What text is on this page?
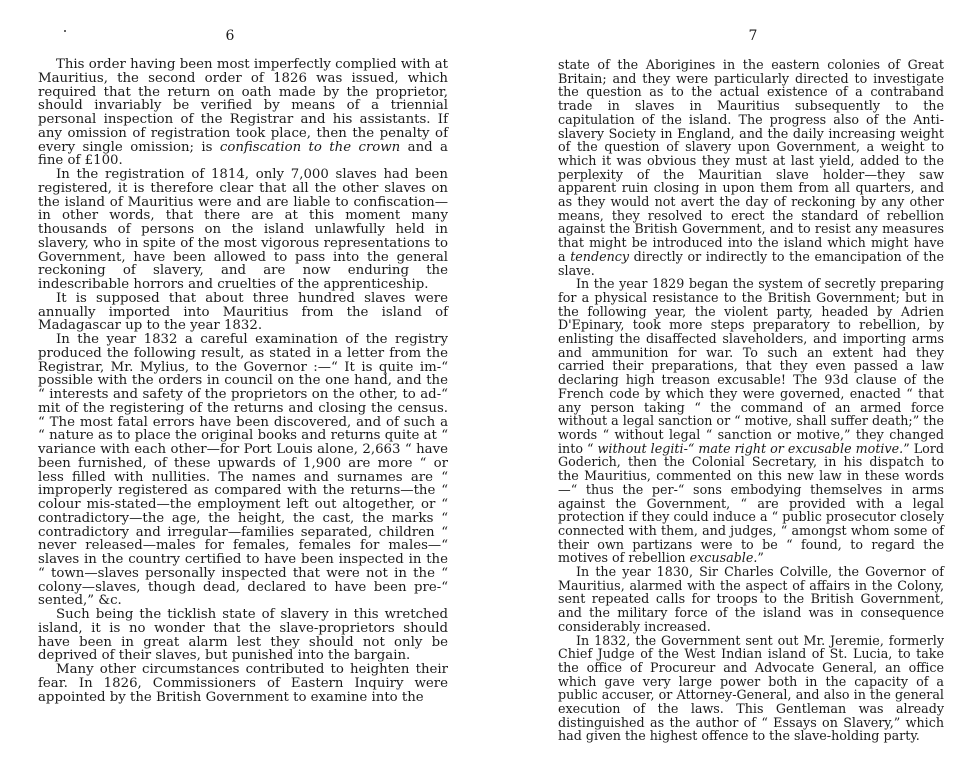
6

This order having been most imperfectly complied with at Mauritius, the second order of 1826 was issued, which required that the return on oath made by the proprietor, should invariably be verified by means of a triennial personal inspection of the Registrar and his assistants. If any omission of registration took place, then the penalty of every single omission; is confiscation to the crown and a fine of £100.

In the registration of 1814, only 7,000 slaves had been registered, it is therefore clear that all the other slaves on the island of Mauritius were and are liable to confiscation—in other words, that there are at this moment many thousands of persons on the island unlawfully held in slavery, who in spite of the most vigorous representations to Government, have been allowed to pass into the general reckoning of slavery, and are now enduring the indescribable horrors and cruelties of the apprenticeship.

It is supposed that about three hundred slaves were annually imported into Mauritius from the island of Madagascar up to the year 1832.

In the year 1832 a careful examination of the registry produced the following result, as stated in a letter from the Registrar, Mr. Mylius, to the Governor :—“ It is quite im-“ possible with the orders in council on the one hand, and the “ interests and safety of the proprietors on the other, to ad-“ mit of the registering of the returns and closing the census. “ The most fatal errors have been discovered, and of such a “ nature as to place the original books and returns quite at “ variance with each other—for Port Louis alone, 2,663 “ have been furnished, of these upwards of 1,900 are more “ or less filled with nullities. The names and surnames are “ improperly registered as compared with the returns—the “ colour mis-stated—the employment left out altogether, or “ contradictory—the age, the height, the cast, the marks “ contradictory and irregular—families separated, children “ never released—males for females, females for males—“ slaves in the country certified to have been inspected in the “ town—slaves personally inspected that were not in the “ colony—slaves, though dead, declared to have been pre-“ sented,” &c.

Such being the ticklish state of slavery in this wretched island, it is no wonder that the slave-proprietors should have been in great alarm lest they should not only be deprived of their slaves, but punished into the bargain.

Many other circumstances contributed to heighten their fear. In 1826, Commissioners of Eastern Inquiry were appointed by the British Government to examine into the

7

state of the Aborigines in the eastern colonies of Great Britain; and they were particularly directed to investigate the question as to the actual existence of a contraband trade in slaves in Mauritius subsequently to the capitulation of the island. The progress also of the Anti-slavery Society in England, and the daily increasing weight of the question of slavery upon Government, a weight to which it was obvious they must at last yield, added to the perplexity of the Mauritian slave holder—they saw apparent ruin closing in upon them from all quarters, and as they would not avert the day of reckoning by any other means, they resolved to erect the standard of rebellion against the British Government, and to resist any measures that might be introduced into the island which might have a tendency directly or indirectly to the emancipation of the slave.

In the year 1829 began the system of secretly preparing for a physical resistance to the British Government; but in the following year, the violent party, headed by Adrien D'Epinary, took more steps preparatory to rebellion, by enlisting the disaffected slaveholders, and importing arms and ammunition for war. To such an extent had they carried their preparations, that they even passed a law declaring high treason excusable! The 93d clause of the French code by which they were governed, enacted “ that any person taking “ the command of an armed force without a legal sanction or “ motive, shall suffer death;” the words “ without legal “ sanction or motive,” they changed into “ without legiti-“ mate right or excusable motive.” Lord Goderich, then the Colonial Secretary, in his dispatch to the Mauritius, commented on this new law in these words—“ thus the per-“ sons embodying themselves in arms against the Government, “ are provided with a legal protection if they could induce a “ public prosecutor closely connected with them, and judges, “ amongst whom some of their own partizans were to be “ found, to regard the motives of rebellion excusable.”

In the year 1830, Sir Charles Colville, the Governor of Mauritius, alarmed with the aspect of affairs in the Colony, sent repeated calls for troops to the British Government, and the military force of the island was in consequence considerably increased.

In 1832, the Government sent out Mr. Jeremie, formerly Chief Judge of the West Indian island of St. Lucia, to take the office of Procureur and Advocate General, an office which gave very large power both in the capacity of a public accuser, or Attorney-General, and also in the general execution of the laws. This Gentleman was already distinguished as the author of “ Essays on Slavery,” which had given the highest offence to the slave-holding party.
